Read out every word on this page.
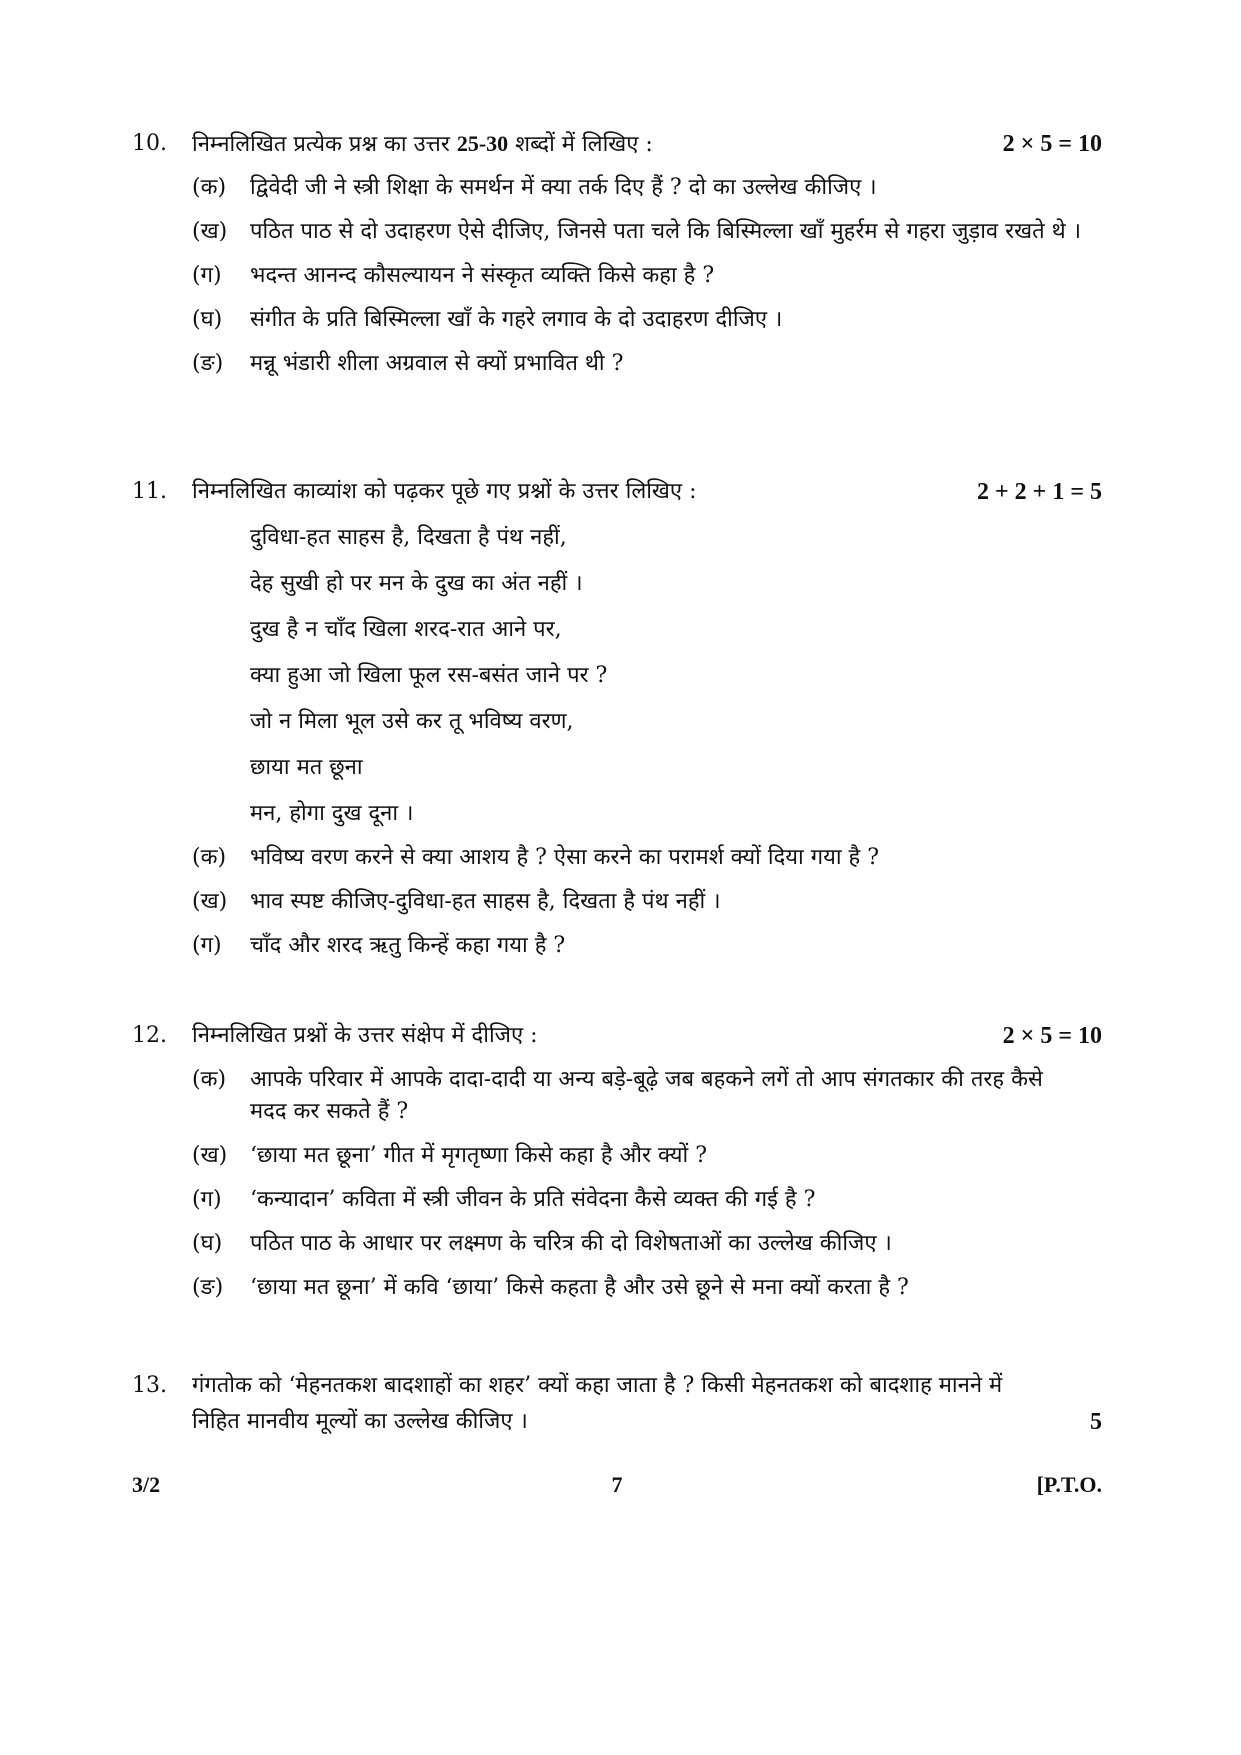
10. निम्नलिखित प्रत्येक प्रश्न का उत्तर 25-30 शब्दों में लिखिए :	2 × 5 = 10
(क) द्विवेदी जी ने स्त्री शिक्षा के समर्थन में क्या तर्क दिए हैं ? दो का उल्लेख कीजिए ।
(ख) पठित पाठ से दो उदाहरण ऐसे दीजिए, जिनसे पता चले कि बिस्मिल्ला खाँ मुहर्रम से गहरा जुड़ाव रखते थे ।
(ग) भदन्त आनन्द कौसल्यायन ने संस्कृत व्यक्ति किसे कहा है ?
(घ) संगीत के प्रति बिस्मिल्ला खाँ के गहरे लगाव के दो उदाहरण दीजिए ।
(ङ) मन्नू भंडारी शीला अग्रवाल से क्यों प्रभावित थी ?
11. निम्नलिखित काव्यांश को पढ़कर पूछे गए प्रश्नों के उत्तर लिखिए :	2 + 2 + 1 = 5
दुविधा-हत साहस है, दिखता है पंथ नहीं,
देह सुखी हो पर मन के दुख का अंत नहीं ।
दुख है न चाँद खिला शरद-रात आने पर,
क्या हुआ जो खिला फूल रस-बसंत जाने पर ?
जो न मिला भूल उसे कर तू भविष्य वरण,
छाया मत छूना
मन, होगा दुख दूना ।
(क) भविष्य वरण करने से क्या आशय है ? ऐसा करने का परामर्श क्यों दिया गया है ?
(ख) भाव स्पष्ट कीजिए-दुविधा-हत साहस है, दिखता है पंथ नहीं ।
(ग) चाँद और शरद ऋतु किन्हें कहा गया है ?
12. निम्नलिखित प्रश्नों के उत्तर संक्षेप में दीजिए :	2 × 5 = 10
(क) आपके परिवार में आपके दादा-दादी या अन्य बड़े-बूढ़े जब बहकने लगें तो आप संगतकार की तरह कैसे मदद कर सकते हैं ?
(ख) ‘छाया मत छूना’ गीत में मृगतृष्णा किसे कहा है और क्यों ?
(ग) ‘कन्यादान’ कविता में स्त्री जीवन के प्रति संवेदना कैसे व्यक्त की गई है ?
(घ) पठित पाठ के आधार पर लक्ष्मण के चरित्र की दो विशेषताओं का उल्लेख कीजिए ।
(ङ) ‘छाया मत छूना’ में कवि ‘छाया’ किसे कहता है और उसे छूने से मना क्यों करता है ?
13. गंगतोक को ‘मेहनतकश बादशाहों का शहर’ क्यों कहा जाता है ? किसी मेहनतकश को बादशाह मानने में
निहित मानवीय मूल्यों का उल्लेख कीजिए ।	5
3/2	7	[P.T.O.
